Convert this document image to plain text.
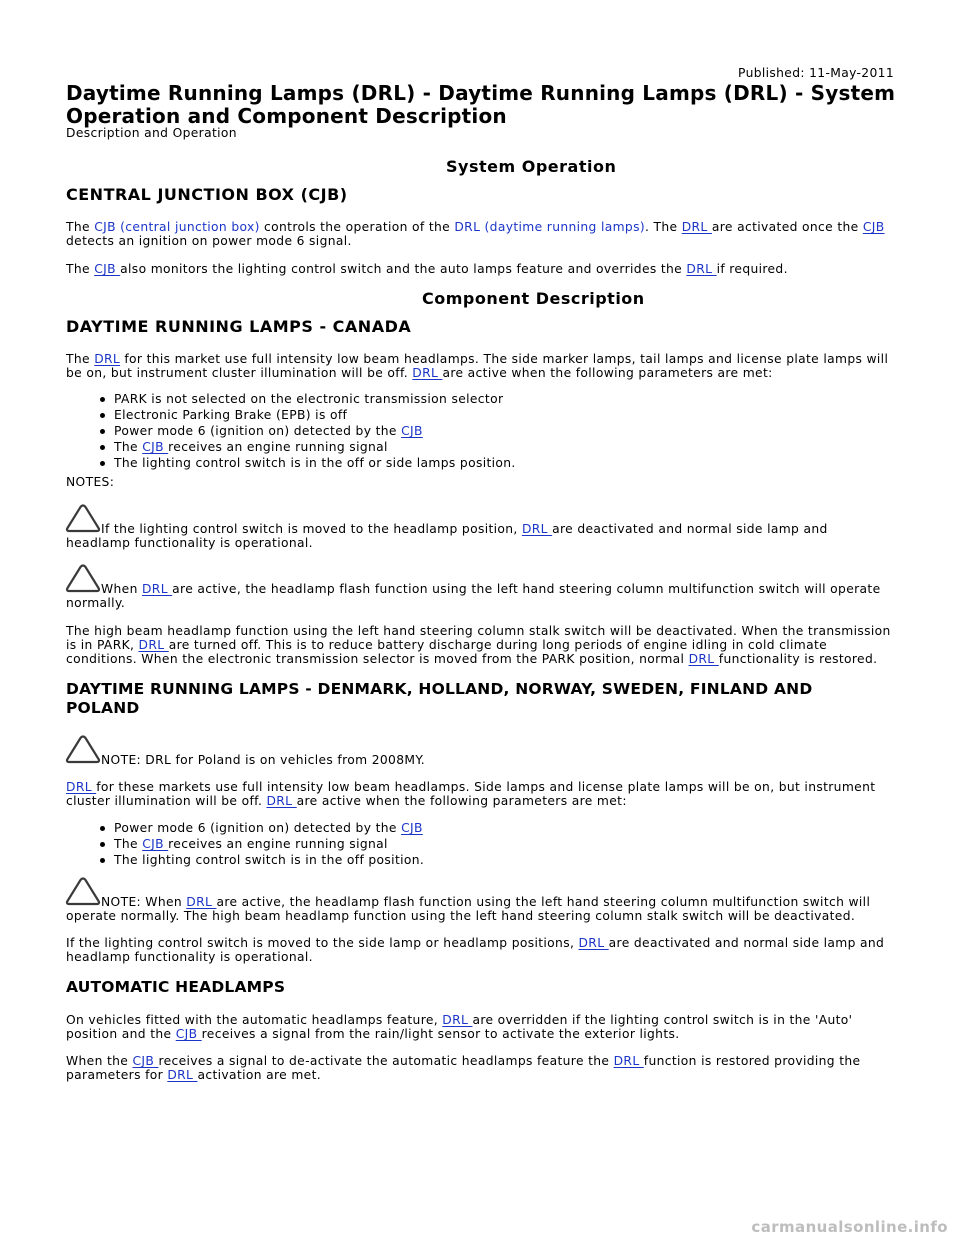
Published: 11-May-2011
Daytime Running Lamps (DRL) - Daytime Running Lamps (DRL) - System
Operation and Component Description
Description and Operation
System Operation
CENTRAL JUNCTION BOX (CJB)
The CJB (central junction box) controls the operation of the DRL (daytime running lamps). The DRL are activated once the CJB
detects an ignition on power mode 6 signal.
The CJB also monitors the lighting control switch and the auto lamps feature and overrides the DRL if required.
Component Description
DAYTIME RUNNING LAMPS - CANADA
The DRL for this market use full intensity low beam headlamps. The side marker lamps, tail lamps and license plate lamps will
be on, but instrument cluster illumination will be off. DRL are active when the following parameters are met:
PARK is not selected on the electronic transmission selector
Electronic Parking Brake (EPB) is off
Power mode 6 (ignition on) detected by the CJB
The CJB receives an engine running signal
The lighting control switch is in the off or side lamps position.
NOTES:
If the lighting control switch is moved to the headlamp position, DRL are deactivated and normal side lamp and
headlamp functionality is operational.
When DRL are active, the headlamp flash function using the left hand steering column multifunction switch will operate
normally.
The high beam headlamp function using the left hand steering column stalk switch will be deactivated. When the transmission
is in PARK, DRL are turned off. This is to reduce battery discharge during long periods of engine idling in cold climate
conditions. When the electronic transmission selector is moved from the PARK position, normal DRL functionality is restored.
DAYTIME RUNNING LAMPS - DENMARK, HOLLAND, NORWAY, SWEDEN, FINLAND AND
POLAND
NOTE: DRL for Poland is on vehicles from 2008MY.
DRL for these markets use full intensity low beam headlamps. Side lamps and license plate lamps will be on, but instrument
cluster illumination will be off. DRL are active when the following parameters are met:
Power mode 6 (ignition on) detected by the CJB
The CJB receives an engine running signal
The lighting control switch is in the off position.
NOTE: When DRL are active, the headlamp flash function using the left hand steering column multifunction switch will
operate normally. The high beam headlamp function using the left hand steering column stalk switch will be deactivated.
If the lighting control switch is moved to the side lamp or headlamp positions, DRL are deactivated and normal side lamp and
headlamp functionality is operational.
AUTOMATIC HEADLAMPS
On vehicles fitted with the automatic headlamps feature, DRL are overridden if the lighting control switch is in the 'Auto'
position and the CJB receives a signal from the rain/light sensor to activate the exterior lights.
When the CJB receives a signal to de-activate the automatic headlamps feature the DRL function is restored providing the
parameters for DRL activation are met.
carmanualsonline.info
